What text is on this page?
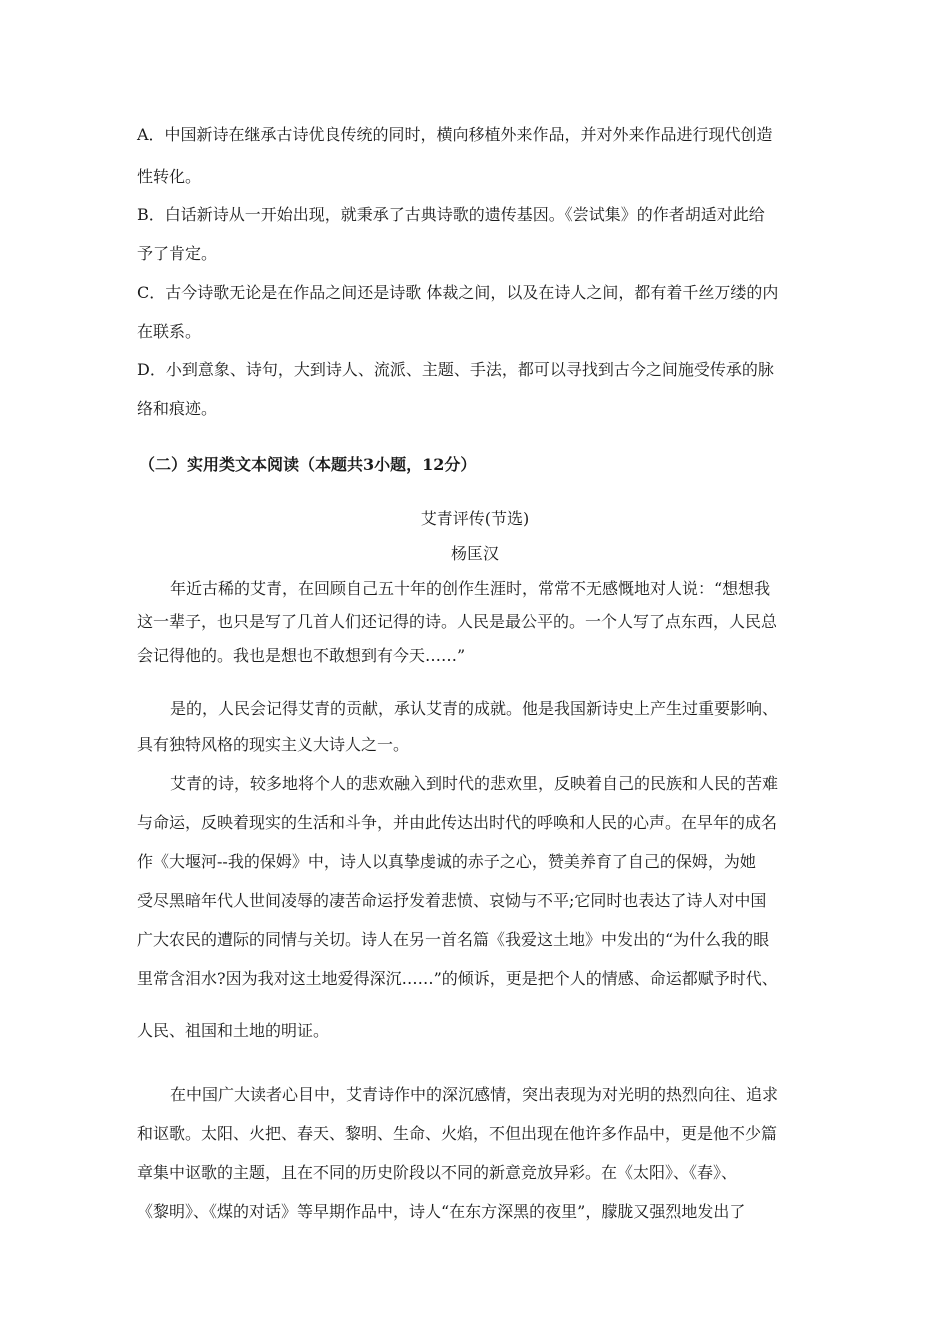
A．中国新诗在继承古诗优良传统的同时，横向移植外来作品，并对外来作品进行现代创造
性转化。
B．白话新诗从一开始出现，就秉承了古典诗歌的遗传基因。《尝试集》的作者胡适对此给
予了肯定。
C．古今诗歌无论是在作品之间还是诗歌 体裁之间，以及在诗人之间，都有着千丝万缕的内
在联系。
D．小到意象、诗句，大到诗人、流派、主题、手法，都可以寻找到古今之间施受传承的脉
络和痕迹。
（二）实用类文本阅读（本题共3小题，12分）
艾青评传(节选)
杨匡汉
年近古稀的艾青，在回顾自己五十年的创作生涯时，常常不无感慨地对人说：“想想我
这一辈子，也只是写了几首人们还记得的诗。人民是最公平的。一个人写了点东西，人民总
会记得他的。我也是想也不敢想到有今天……”
是的，人民会记得艾青的贡献，承认艾青的成就。他是我国新诗史上产生过重要影响、
具有独特风格的现实主义大诗人之一。
艾青的诗，较多地将个人的悲欢融入到时代的悲欢里，反映着自己的民族和人民的苦难
与命运，反映着现实的生活和斗争，并由此传达出时代的呼唤和人民的心声。在早年的成名
作《大堰河--我的保姆》中，诗人以真挚虔诚的赤子之心，赞美养育了自己的保姆，为她
受尽黑暗年代人世间凌辱的凄苦命运抒发着悲愤、哀恸与不平;它同时也表达了诗人对中国
广大农民的遭际的同情与关切。诗人在另一首名篇《我爱这土地》中发出的“为什么我的眼
里常含泪水?因为我对这土地爱得深沉……”的倾诉，更是把个人的情感、命运都赋予时代、
人民、祖国和土地的明证。
在中国广大读者心目中，艾青诗作中的深沉感情，突出表现为对光明的热烈向往、追求
和讴歌。太阳、火把、春天、黎明、生命、火焰，不但出现在他许多作品中，更是他不少篇
章集中讴歌的主题，且在不同的历史阶段以不同的新意竞放异彩。在《太阳》、《春》、
《黎明》、《煤的对话》等早期作品中，诗人“在东方深黑的夜里”，朦胧又强烈地发出了
